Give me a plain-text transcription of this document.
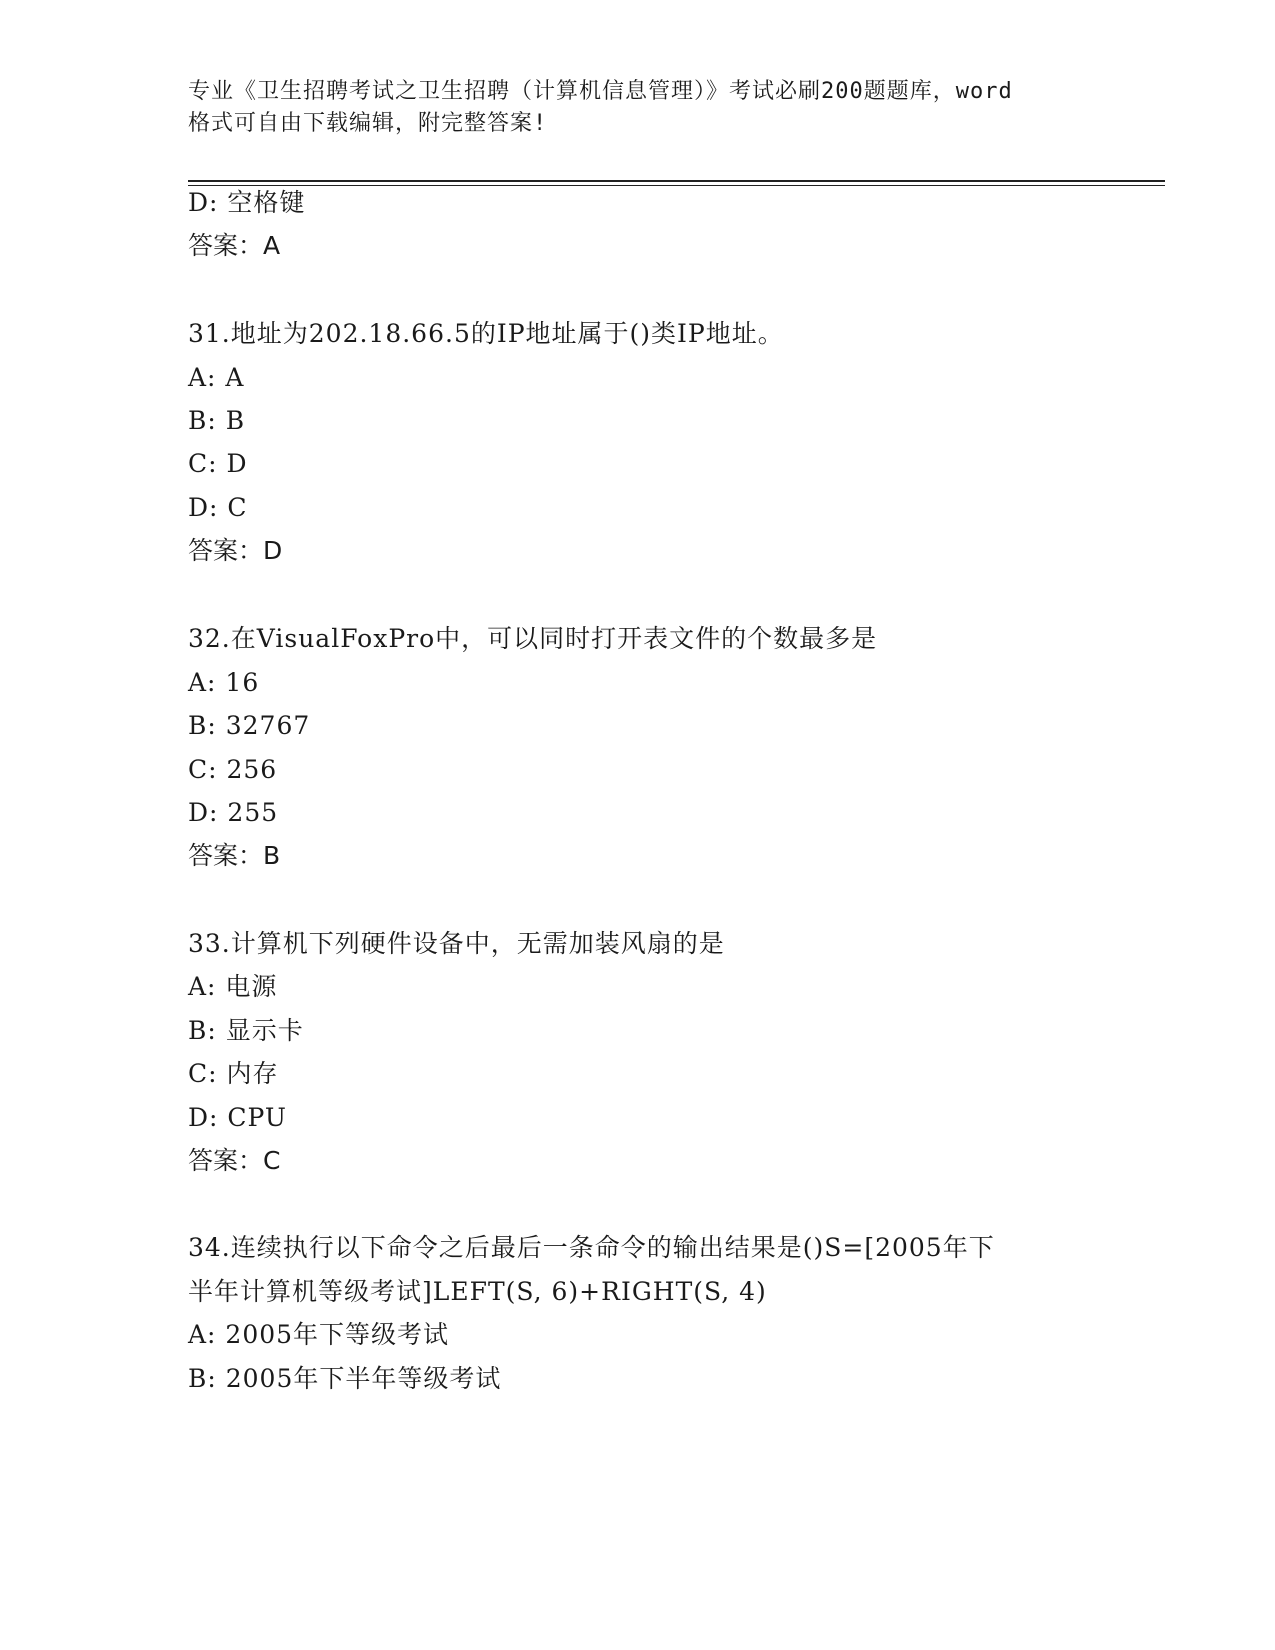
专业《卫生招聘考试之卫生招聘（计算机信息管理）》考试必刷200题题库，word
格式可自由下载编辑，附完整答案!
D: 空格键
答案：A
31.地址为202.18.66.5的IP地址属于()类IP地址。
A: A
B: B
C: D
D: C
答案：D
32.在VisualFoxPro中，可以同时打开表文件的个数最多是
A: 16
B: 32767
C: 256
D: 255
答案：B
33.计算机下列硬件设备中，无需加装风扇的是
A: 电源
B: 显示卡
C: 内存
D: CPU
答案：C
34.连续执行以下命令之后最后一条命令的输出结果是()S=[2005年下
半年计算机等级考试]LEFT(S, 6)+RIGHT(S, 4)
A: 2005年下等级考试
B: 2005年下半年等级考试
